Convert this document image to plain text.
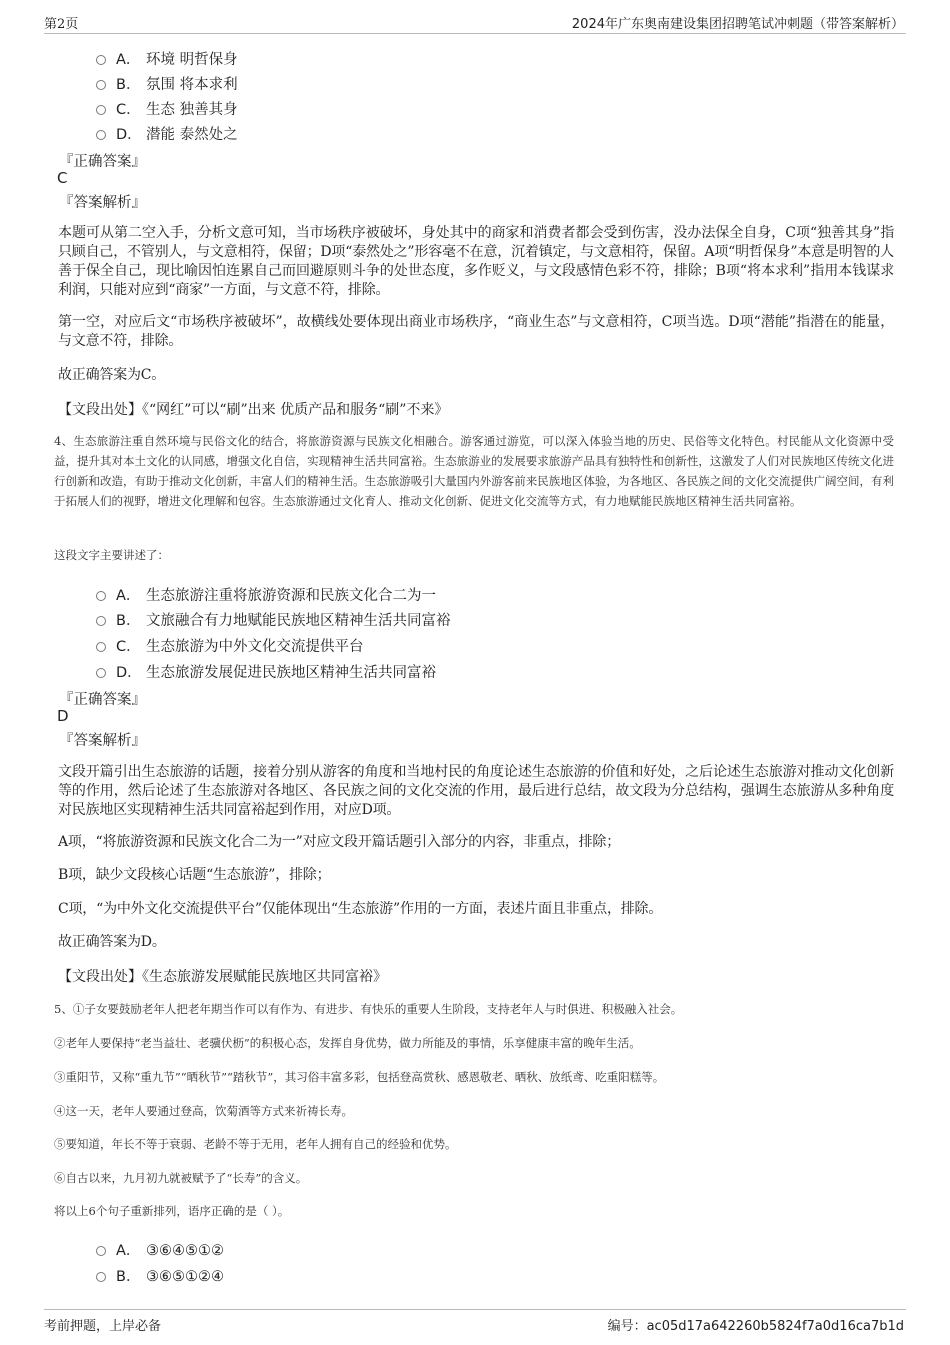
第2页	2024年广东奥南建设集团招聘笔试冲刺题（带答案解析）
A． 环境 明哲保身
B． 氛围 将本求利
C． 生态 独善其身
D． 潜能 泰然处之
『正确答案』
C
『答案解析』
本题可从第二空入手，分析文意可知，当市场秩序被破坏，身处其中的商家和消费者都会受到伤害，没办法保全自身，C项“独善其身”指只顾自己，不管别人，与文意相符，保留；D项“泰然处之”形容毫不在意，沉着镇定，与文意相符，保留。A项“明哲保身”本意是明智的人善于保全自己，现比喻因怕连累自己而回避原则斗争的处世态度，多作贬义，与文段感情色彩不符，排除；B项“将本求利”指用本钱谋求利润，只能对应到“商家”一方面，与文意不符，排除。
第一空，对应后文“市场秩序被破坏”，故横线处要体现出商业市场秩序，“商业生态”与文意相符，C项当选。D项“潜能”指潜在的能量，与文意不符，排除。
故正确答案为C。
【文段出处】《“网红”可以“刷”出来 优质产品和服务“刷”不来》
4、生态旅游注重自然环境与民俗文化的结合，将旅游资源与民族文化相融合。游客通过游览，可以深入体验当地的历史、民俗等文化特色。村民能从文化资源中受益，提升其对本土文化的认同感，增强文化自信，实现精神生活共同富裕。生态旅游业的发展要求旅游产品具有独特性和创新性，这激发了人们对民族地区传统文化进行创新和改造，有助于推动文化创新，丰富人们的精神生活。生态旅游吸引大量国内外游客前来民族地区体验，为各地区、各民族之间的文化交流提供广阔空间，有利于拓展人们的视野，增进文化理解和包容。生态旅游通过文化育人、推动文化创新、促进文化交流等方式，有力地赋能民族地区精神生活共同富裕。
这段文字主要讲述了：
A． 生态旅游注重将旅游资源和民族文化合二为一
B． 文旅融合有力地赋能民族地区精神生活共同富裕
C． 生态旅游为中外文化交流提供平台
D． 生态旅游发展促进民族地区精神生活共同富裕
『正确答案』
D
『答案解析』
文段开篇引出生态旅游的话题，接着分别从游客的角度和当地村民的角度论述生态旅游的价值和好处，之后论述生态旅游对推动文化创新等的作用，然后论述了生态旅游对各地区、各民族之间的文化交流的作用，最后进行总结，故文段为分总结构，强调生态旅游从多种角度对民族地区实现精神生活共同富裕起到作用，对应D项。
A项，“将旅游资源和民族文化合二为一”对应文段开篇话题引入部分的内容，非重点，排除；
B项，缺少文段核心话题“生态旅游”，排除；
C项，“为中外文化交流提供平台”仅能体现出“生态旅游”作用的一方面，表述片面且非重点，排除。
故正确答案为D。
【文段出处】《生态旅游发展赋能民族地区共同富裕》
5、①子女要鼓励老年人把老年期当作可以有作为、有进步、有快乐的重要人生阶段，支持老年人与时俱进、积极融入社会。
②老年人要保持“老当益壮、老骥伏枥”的积极心态，发挥自身优势，做力所能及的事情，乐享健康丰富的晚年生活。
③重阳节，又称“重九节”“晒秋节”“踏秋节”，其习俗丰富多彩，包括登高赏秋、感恩敬老、晒秋、放纸鸢、吃重阳糕等。
④这一天，老年人要通过登高，饮菊酒等方式来祈祷长寿。
⑤要知道，年长不等于衰弱、老龄不等于无用，老年人拥有自己的经验和优势。
⑥自古以来，九月初九就被赋予了“长寿”的含义。
将以上6个句子重新排列，语序正确的是（ ）。
A． ③⑥④⑤①②
B． ③⑥⑤①②④
考前押题，上岸必备	编号：ac05d17a642260b5824f7a0d16ca7b1d
